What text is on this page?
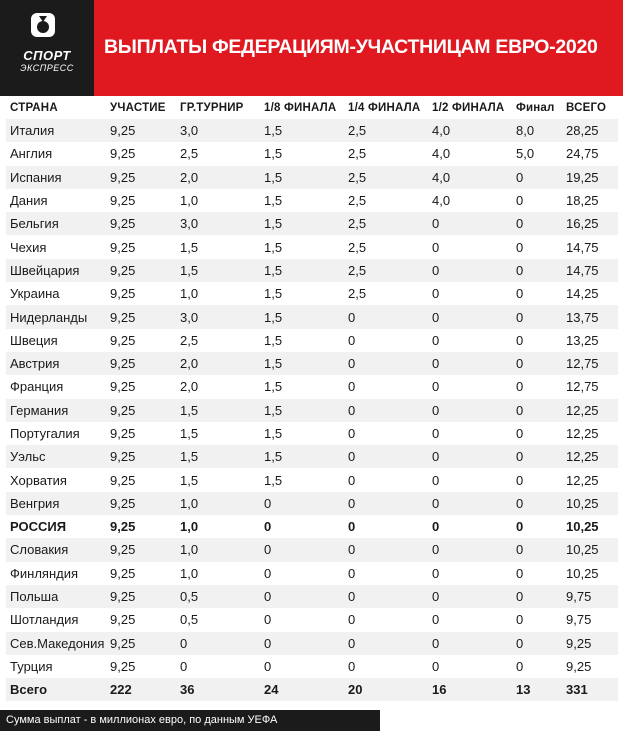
СПОРТ
ЭКСПРЕСС
ВЫПЛАТЫ ФЕДЕРАЦИЯМ-УЧАСТНИЦАМ ЕВРО-2020
СТРАНА	УЧАСТИЕ	ГР.ТУРНИР	1/8 ФИНАЛА	1/4 ФИНАЛА	1/2 ФИНАЛА	Финал	ВСЕГО
Италия	9,25	3,0	1,5	2,5	4,0	8,0	28,25
Англия	9,25	2,5	1,5	2,5	4,0	5,0	24,75
Испания	9,25	2,0	1,5	2,5	4,0	0	19,25
Дания	9,25	1,0	1,5	2,5	4,0	0	18,25
Бельгия	9,25	3,0	1,5	2,5	0	0	16,25
Чехия	9,25	1,5	1,5	2,5	0	0	14,75
Швейцария	9,25	1,5	1,5	2,5	0	0	14,75
Украина	9,25	1,0	1,5	2,5	0	0	14,25
Нидерланды	9,25	3,0	1,5	0	0	0	13,75
Швеция	9,25	2,5	1,5	0	0	0	13,25
Австрия	9,25	2,0	1,5	0	0	0	12,75
Франция	9,25	2,0	1,5	0	0	0	12,75
Германия	9,25	1,5	1,5	0	0	0	12,25
Португалия	9,25	1,5	1,5	0	0	0	12,25
Уэльс	9,25	1,5	1,5	0	0	0	12,25
Хорватия	9,25	1,5	1,5	0	0	0	12,25
Венгрия	9,25	1,0	0	0	0	0	10,25
РОССИЯ	9,25	1,0	0	0	0	0	10,25
Словакия	9,25	1,0	0	0	0	0	10,25
Финляндия	9,25	1,0	0	0	0	0	10,25
Польша	9,25	0,5	0	0	0	0	9,75
Шотландия	9,25	0,5	0	0	0	0	9,75
Сев.Македония	9,25	0	0	0	0	0	9,25
Турция	9,25	0	0	0	0	0	9,25
Всего	222	36	24	20	16	13	331
Сумма выплат - в миллионах евро, по данным УЕФА
